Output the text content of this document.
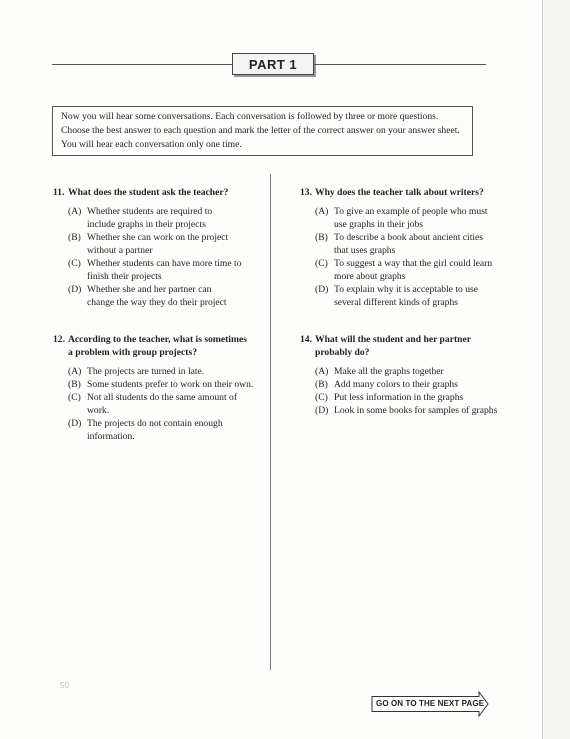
PART 1
Now you will hear some conversations. Each conversation is followed by three or more questions. Choose the best answer to each question and mark the letter of the correct answer on your answer sheet. You will hear each conversation only one time.
11. What does the student ask the teacher?
(A) Whether students are required to include graphs in their projects
(B) Whether she can work on the project without a partner
(C) Whether students can have more time to finish their projects
(D) Whether she and her partner can change the way they do their project
12. According to the teacher, what is sometimes
a problem with group projects?
(A) The projects are turned in late.
(B) Some students prefer to work on their own.
(C) Not all students do the same amount of work.
(D) The projects do not contain enough information.
13. Why does the teacher talk about writers?
(A) To give an example of people who must use graphs in their jobs
(B) To describe a book about ancient cities that uses graphs
(C) To suggest a way that the girl could learn more about graphs
(D) To explain why it is acceptable to use several different kinds of graphs
14. What will the student and her partner
probably do?
(A) Make all the graphs together
(B) Add many colors to their graphs
(C) Put less information in the graphs
(D) Look in some books for samples of graphs
50
GO ON TO THE NEXT PAGE
